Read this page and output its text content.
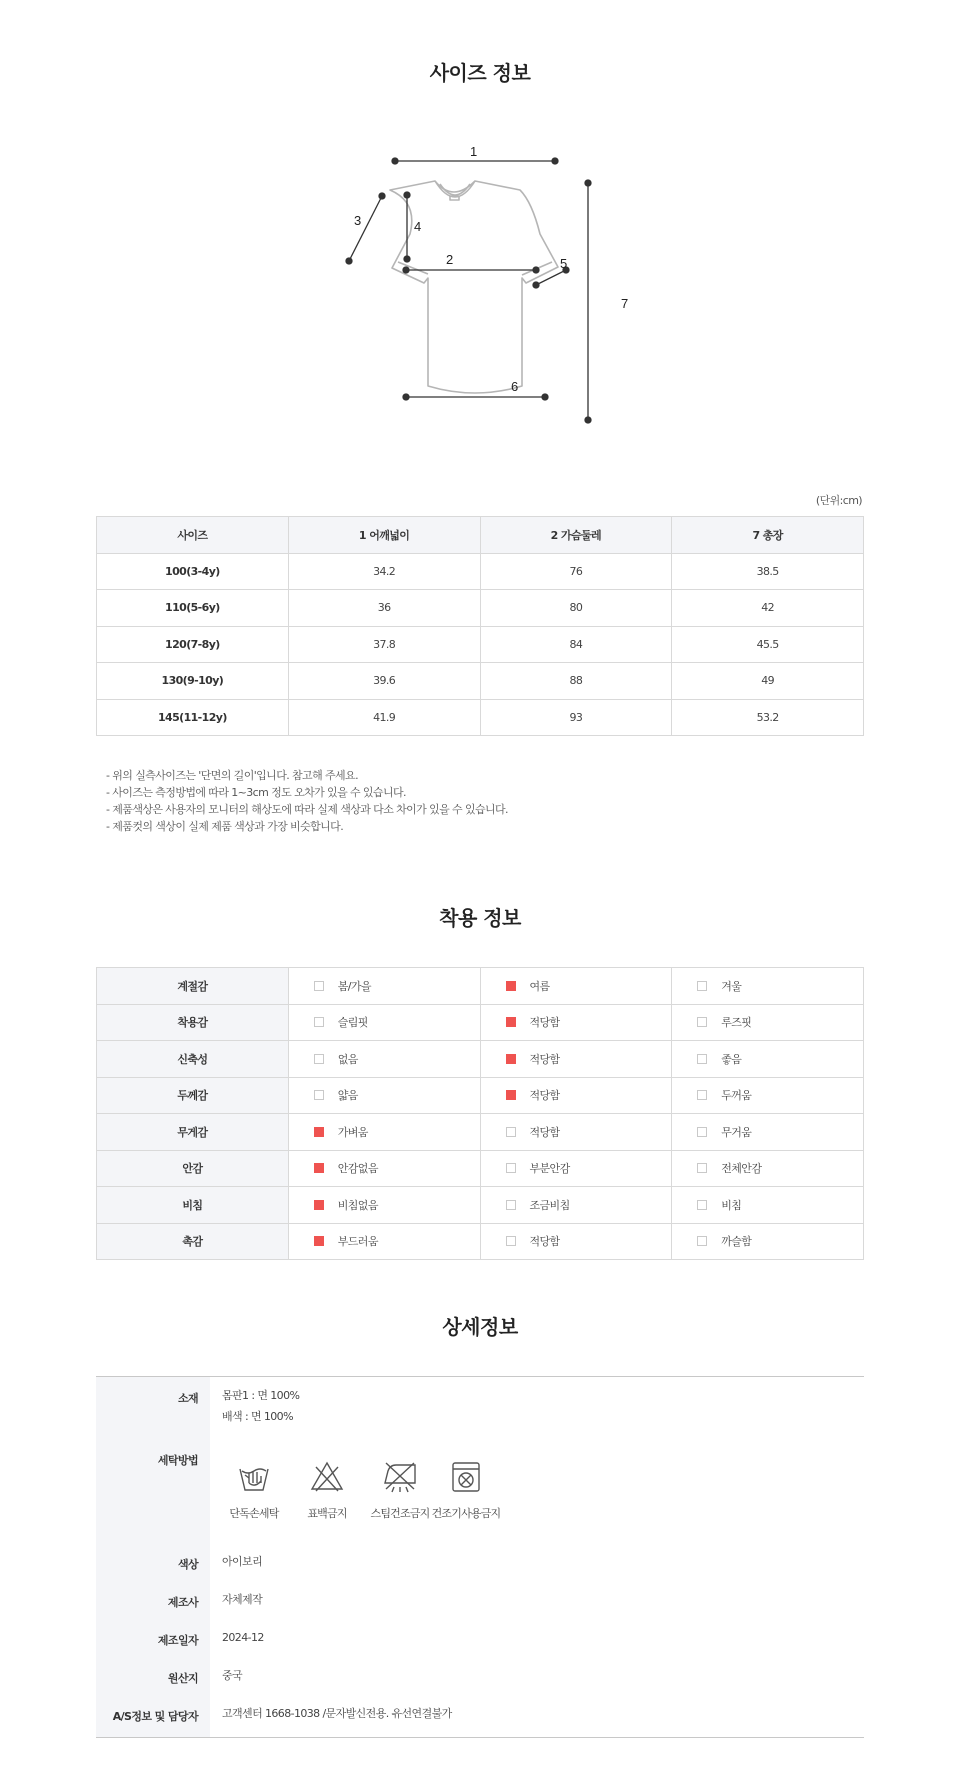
사이즈 정보
1
2
3	4
5
6
7
(단위:cm)
사이즈	1 어깨넓이	2 가슴둘레	7 총장
100(3-4y)	34.2	76	38.5
110(5-6y)	36	80	42
120(7-8y)	37.8	84	45.5
130(9-10y)	39.6	88	49
145(11-12y)	41.9	93	53.2
- 위의 실측사이즈는 '단면의 길이'입니다. 참고해 주세요.
- 사이즈는 측정방법에 따라 1~3cm 정도 오차가 있을 수 있습니다.
- 제품색상은 사용자의 모니터의 해상도에 따라 실제 색상과 다소 차이가 있을 수 있습니다.
- 제품컷의 색상이 실제 제품 색상과 가장 비슷합니다.
착용 정보
계절감	봄/가을	여름	겨울
착용감	슬림핏	적당함	루즈핏
신축성	없음	적당함	좋음
두께감	얇음	적당함	두꺼움
무게감	가벼움	적당함	무거움
안감	안감없음	부분안감	전체안감
비침	비침없음	조금비침	비침
촉감	부드러움	적당함	까슬함
상세정보
소재 몸판1 : 면 100%
배색 : 면 100%
세탁방법
단독손세탁	표백금지	스팀건조금지 건조기사용금지
색상 아이보리
제조사 자체제작
제조일자 2024-12
원산지 중국
A/S정보 및 담당자 고객센터 1668-1038 /문자발신전용. 유선연결불가
